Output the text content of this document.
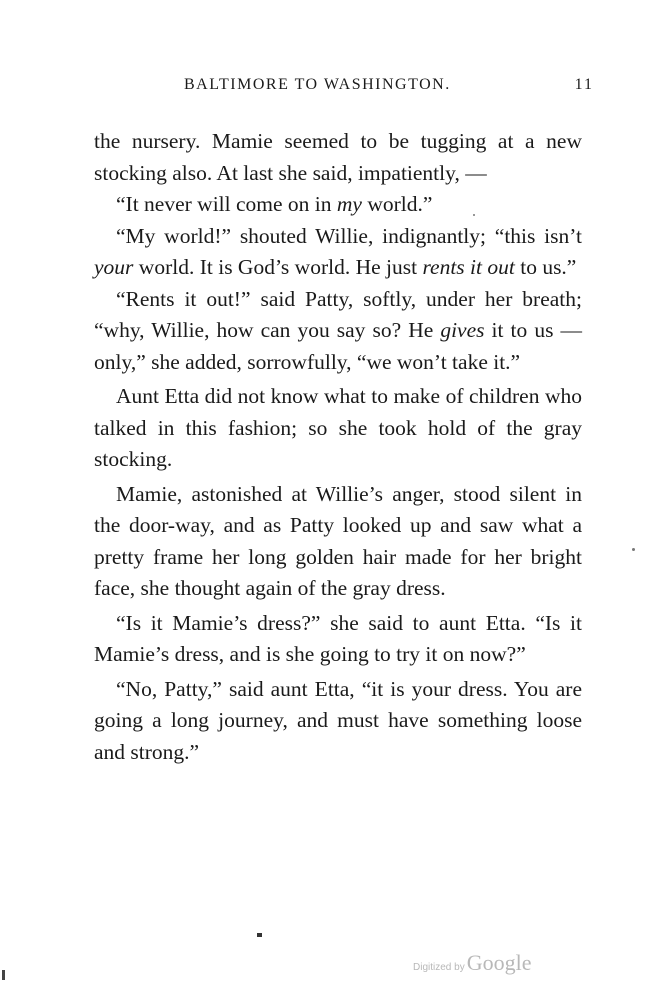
BALTIMORE TO WASHINGTON.	11

the nursery. Mamie seemed to be tugging at a new stocking also. At last she said, impatiently, —

“It never will come on in my world.”

“My world!” shouted Willie, indignantly; “this isn’t your world. It is God’s world. He just rents it out to us.”

“Rents it out!” said Patty, softly, under her breath; “why, Willie, how can you say so? He gives it to us — only,” she added, sorrowfully, “we won’t take it.”

Aunt Etta did not know what to make of children who talked in this fashion; so she took hold of the gray stocking.

Mamie, astonished at Willie’s anger, stood silent in the door-way, and as Patty looked up and saw what a pretty frame her long golden hair made for her bright face, she thought again of the gray dress.

“Is it Mamie’s dress?” she said to aunt Etta. “Is it Mamie’s dress, and is she going to try it on now?”

“No, Patty,” said aunt Etta, “it is your dress. You are going a long journey, and must have something loose and strong.”

Digitized byGoogle
